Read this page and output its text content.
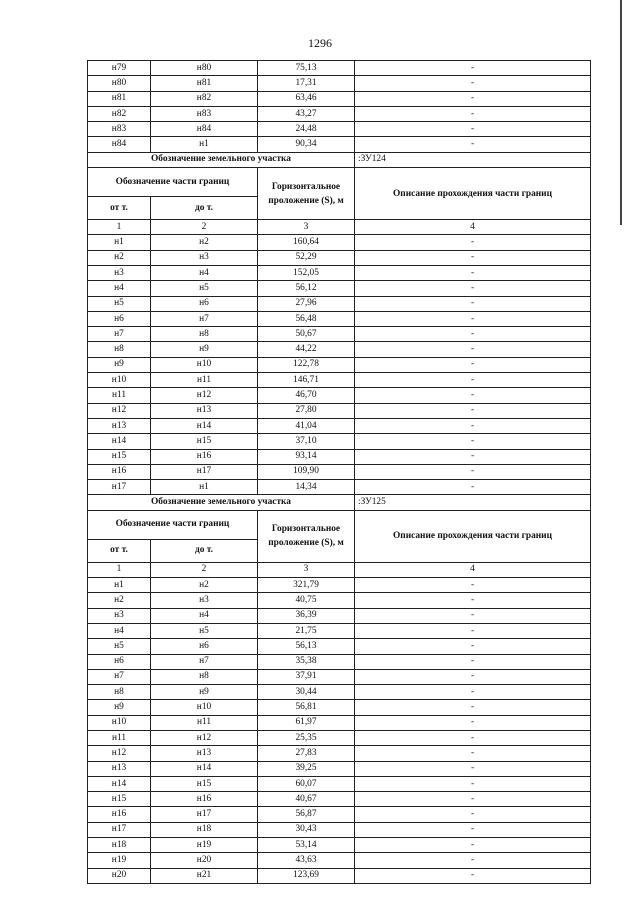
1296
н79	н80	75,13	-
н80	н81	17,31	-
н81	н82	63,46	-
н82	н83	43,27	-
н83	н84	24,48	-
н84	н1	90,34	-
Обозначение земельного участка			:ЗУ124
Обозначение части границ		Горизонтальное проложение (S), м	Описание прохождения части границ
от т.	до т.		
1	2	3	4
н1	н2	160,64	-
н2	н3	52,29	-
н3	н4	152,05	-
н4	н5	56,12	-
н5	н6	27,96	-
н6	н7	56,48	-
н7	н8	50,67	-
н8	н9	44,22	-
н9	н10	122,78	-
н10	н11	146,71	-
н11	н12	46,70	-
н12	н13	27,80	-
н13	н14	41,04	-
н14	н15	37,10	-
н15	н16	93,14	-
н16	н17	109,90	-
н17	н1	14,34	-
Обозначение земельного участка			:ЗУ125
Обозначение части границ		Горизонтальное проложение (S), м	Описание прохождения части границ
от т.	до т.		
1	2	3	4
н1	н2	321,79	-
н2	н3	40,75	-
н3	н4	36,39	-
н4	н5	21,75	-
н5	н6	56,13	-
н6	н7	35,38	-
н7	н8	37,91	-
н8	н9	30,44	-
н9	н10	56,81	-
н10	н11	61,97	-
н11	н12	25,35	-
н12	н13	27,83	-
н13	н14	39,25	-
н14	н15	60,07	-
н15	н16	40,67	-
н16	н17	56,87	-
н17	н18	30,43	-
н18	н19	53,14	-
н19	н20	43,63	-
н20	н21	123,69	-
